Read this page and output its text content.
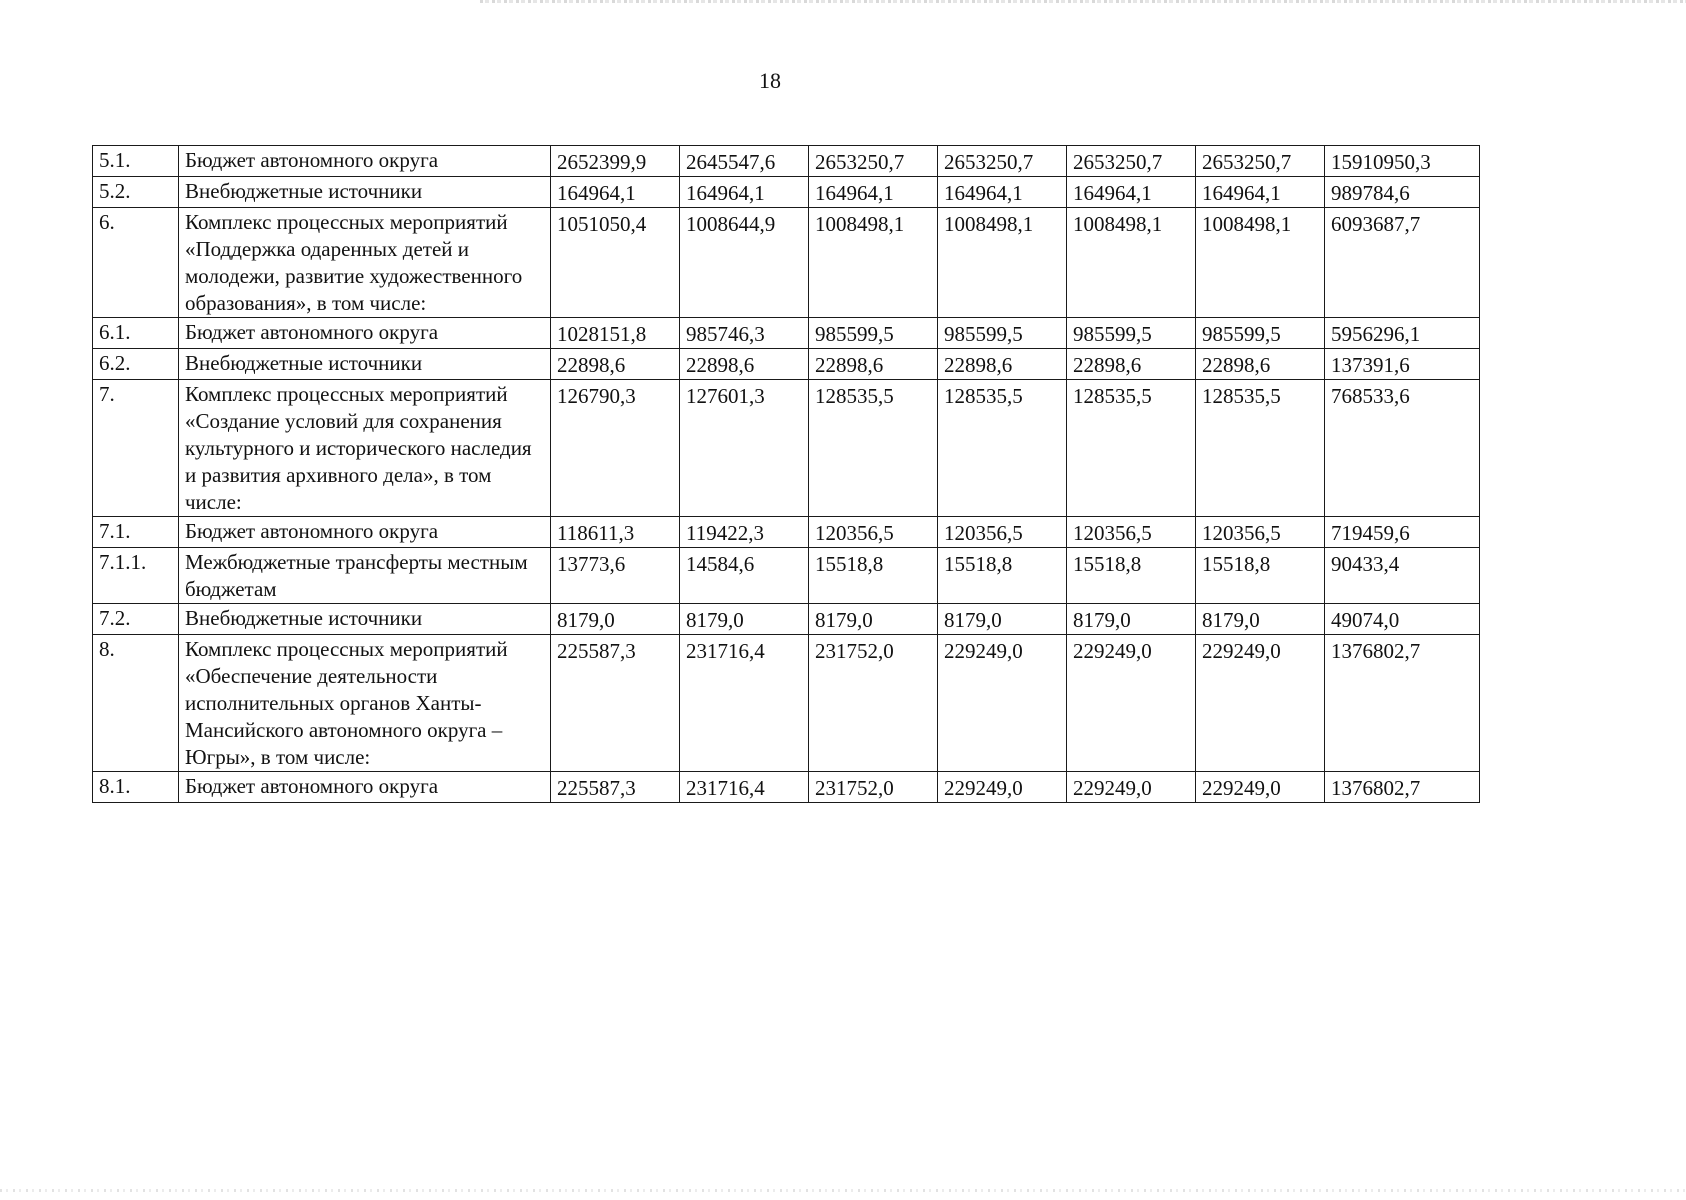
18
5.1.	Бюджет автономного округа	2652399,9	2645547,6	2653250,7	2653250,7	2653250,7	2653250,7	15910950,3
5.2.	Внебюджетные источники	164964,1	164964,1	164964,1	164964,1	164964,1	164964,1	989784,6
6.	Комплекс процессных мероприятий «Поддержка одаренных детей и молодежи, развитие художественного образования», в том числе:	1051050,4	1008644,9	1008498,1	1008498,1	1008498,1	1008498,1	6093687,7
6.1.	Бюджет автономного округа	1028151,8	985746,3	985599,5	985599,5	985599,5	985599,5	5956296,1
6.2.	Внебюджетные источники	22898,6	22898,6	22898,6	22898,6	22898,6	22898,6	137391,6
7.	Комплекс процессных мероприятий «Создание условий для сохранения культурного и исторического наследия и развития архивного дела», в том числе:	126790,3	127601,3	128535,5	128535,5	128535,5	128535,5	768533,6
7.1.	Бюджет автономного округа	118611,3	119422,3	120356,5	120356,5	120356,5	120356,5	719459,6
7.1.1.	Межбюджетные трансферты местным бюджетам	13773,6	14584,6	15518,8	15518,8	15518,8	15518,8	90433,4
7.2.	Внебюджетные источники	8179,0	8179,0	8179,0	8179,0	8179,0	8179,0	49074,0
8.	Комплекс процессных мероприятий «Обеспечение деятельности исполнительных органов Ханты-Мансийского автономного округа – Югры», в том числе:	225587,3	231716,4	231752,0	229249,0	229249,0	229249,0	1376802,7
8.1.	Бюджет автономного округа	225587,3	231716,4	231752,0	229249,0	229249,0	229249,0	1376802,7
